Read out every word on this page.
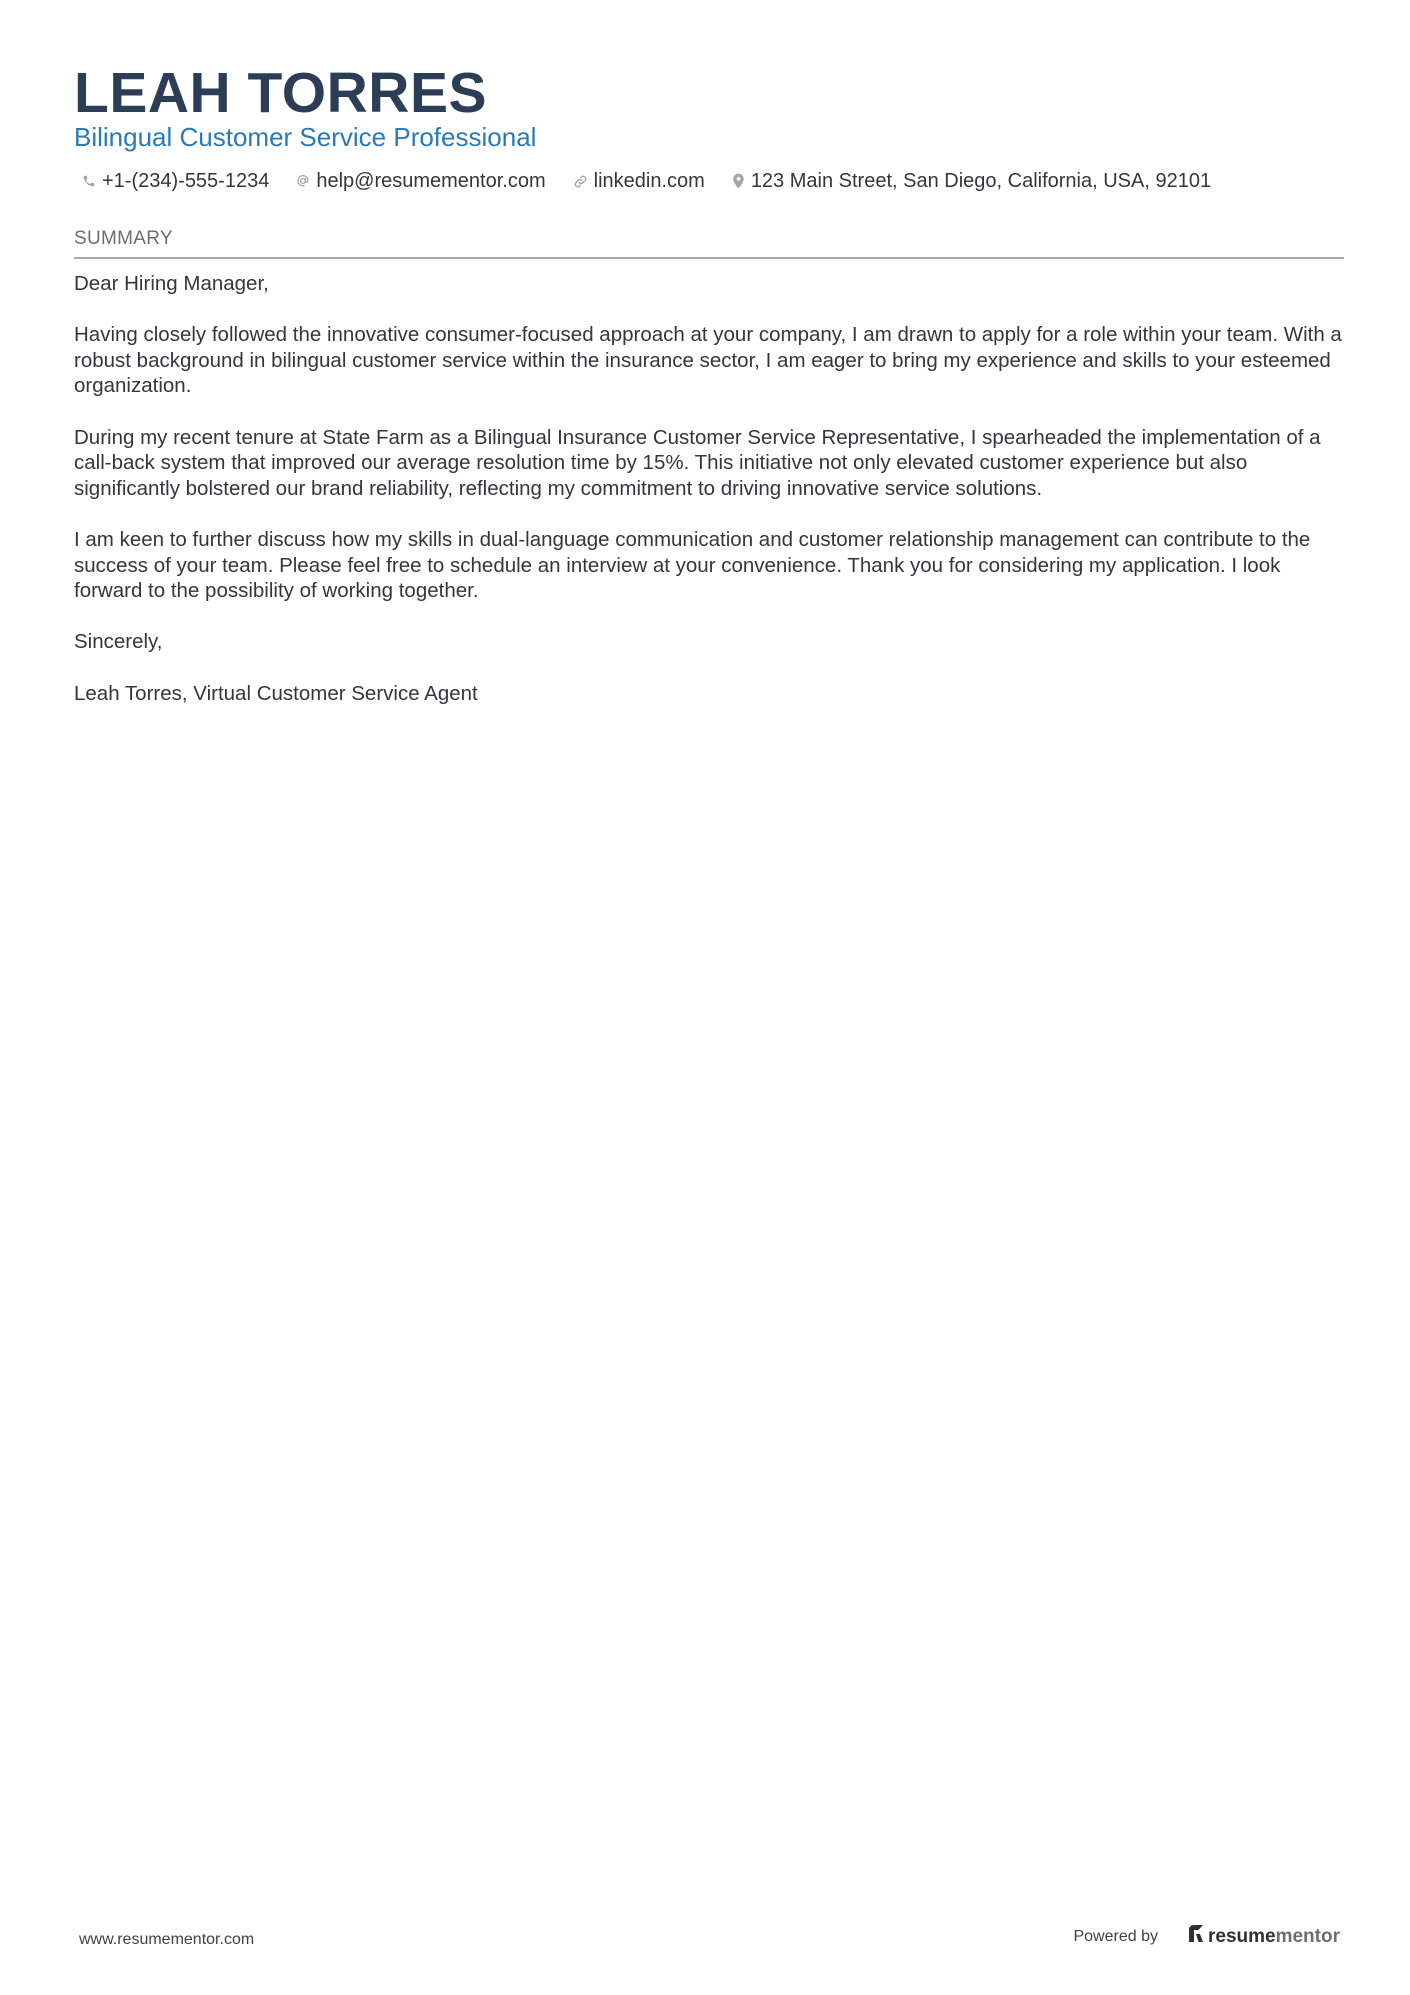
LEAH TORRES
Bilingual Customer Service Professional
+1-(234)-555-1234 help@resumementor.com linkedin.com 123 Main Street, San Diego, California, USA, 92101
SUMMARY

Dear Hiring Manager,

Having closely followed the innovative consumer-focused approach at your company, I am drawn to apply for a role within your team. With a robust background in bilingual customer service within the insurance sector, I am eager to bring my experience and skills to your esteemed organization.

During my recent tenure at State Farm as a Bilingual Insurance Customer Service Representative, I spearheaded the implementation of a call-back system that improved our average resolution time by 15%. This initiative not only elevated customer experience but also significantly bolstered our brand reliability, reflecting my commitment to driving innovative service solutions.

I am keen to further discuss how my skills in dual-language communication and customer relationship management can contribute to the success of your team. Please feel free to schedule an interview at your convenience. Thank you for considering my application. I look forward to the possibility of working together.

Sincerely,

Leah Torres, Virtual Customer Service Agent

www.resumementor.com	Powered by	resumementor
